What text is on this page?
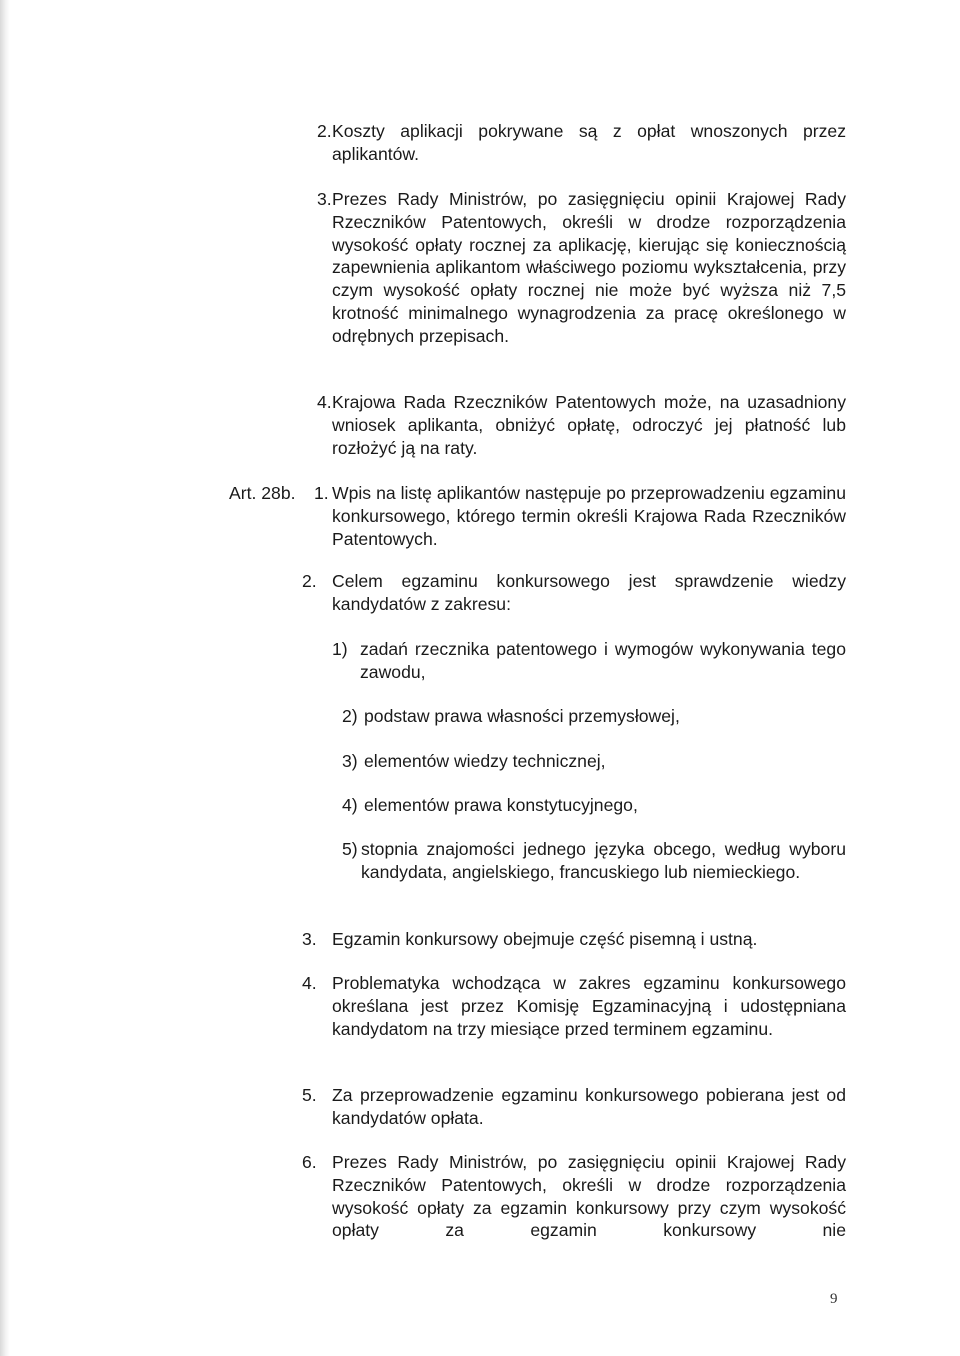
2. Koszty aplikacji pokrywane są z opłat wnoszonych przez aplikantów.
3. Prezes Rady Ministrów, po zasięgnięciu opinii Krajowej Rady Rzeczników Patentowych, określi w drodze rozporządzenia wysokość opłaty rocznej za aplikację, kierując się koniecznością zapewnienia aplikantom właściwego poziomu wykształcenia, przy czym wysokość opłaty rocznej nie może być wyższa niż 7,5 krotność minimalnego wynagrodzenia za pracę określonego w odrębnych przepisach.
4. Krajowa Rada Rzeczników Patentowych może, na uzasadniony wniosek aplikanta, obniżyć opłatę, odroczyć jej płatność lub rozłożyć ją na raty.
Art. 28b. 1. Wpis na listę aplikantów następuje po przeprowadzeniu egzaminu konkursowego, którego termin określi Krajowa Rada Rzeczników Patentowych.
2. Celem egzaminu konkursowego jest sprawdzenie wiedzy kandydatów z zakresu:
1) zadań rzecznika patentowego i wymogów wykonywania tego zawodu,
2) podstaw prawa własności przemysłowej,
3) elementów wiedzy technicznej,
4) elementów prawa konstytucyjnego,
5) stopnia znajomości jednego języka obcego, według wyboru kandydata, angielskiego, francuskiego lub niemieckiego.
3. Egzamin konkursowy obejmuje część pisemną i ustną.
4. Problematyka wchodząca w zakres egzaminu konkursowego określana jest przez Komisję Egzaminacyjną i udostępniana kandydatom na trzy miesiące przed terminem egzaminu.
5. Za przeprowadzenie egzaminu konkursowego pobierana jest od kandydatów opłata.
6. Prezes Rady Ministrów, po zasięgnięciu opinii Krajowej Rady Rzeczników Patentowych, określi w drodze rozporządzenia wysokość opłaty za egzamin konkursowy przy czym wysokość opłaty za egzamin konkursowy nie
9
